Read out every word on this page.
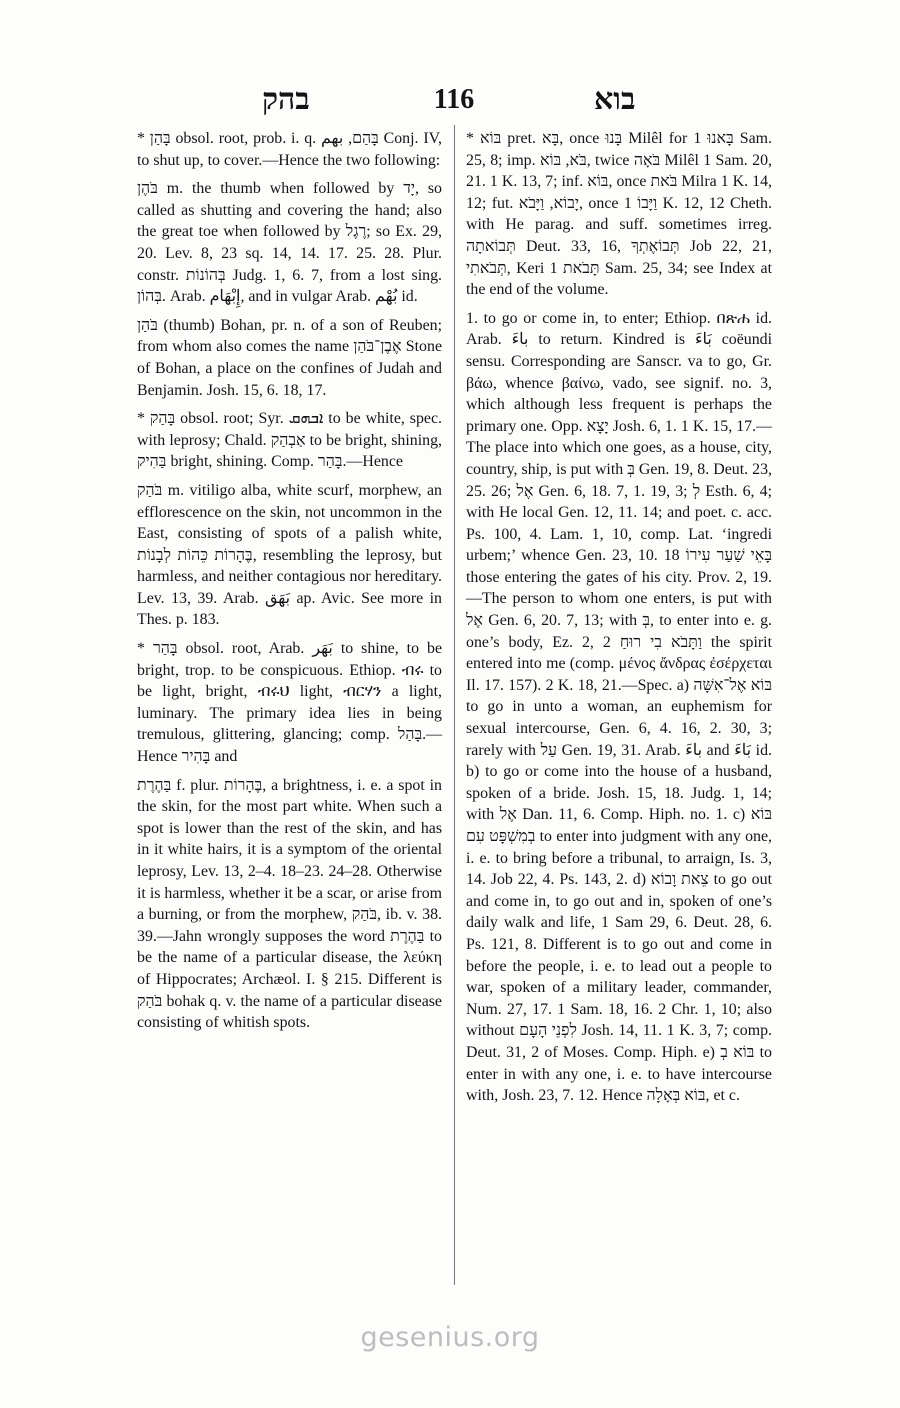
בהק	116	בוא

* בָּהַן obsol. root, prob. i. q. בָּהַם, بهم Conj. IV, to shut up, to cover.—Hence the two following:

בֹּהֶן m. the thumb when followed by יָד, so called as shutting and covering the hand; also the great toe when followed by רֶגֶל; so Ex. 29, 20. Lev. 8, 23 sq. 14, 14. 17. 25. 28. Plur. constr. בְּהוֹנוֹת Judg. 1, 6. 7, from a lost sing. בְּהוֹן. Arab. إِبْهَام, and in vulgar Arab. بُهْم id.

בֹּהַן (thumb) Bohan, pr. n. of a son of Reuben; from whom also comes the name אֶבֶן־בֹּהַן Stone of Bohan, a place on the confines of Judah and Benjamin. Josh. 15, 6. 18, 17.

* בָּהַק obsol. root; Syr. ܐܒܗܩ to be white, spec. with leprosy; Chald. אַבְהַק to be bright, shining, בַּהִיק bright, shining. Comp. בָּהַר.—Hence

בֹּהַק m. vitiligo alba, white scurf, morphew, an efflorescence on the skin, not uncommon in the East, consisting of spots of a palish white, בֶּהָרוֹת כֵּהוֹת לְבָנוֹת, resembling the leprosy, but harmless, and neither contagious nor hereditary. Lev. 13, 39. Arab. بَهَق ap. Avic. See more in Thes. p. 183.

* בָּהַר obsol. root, Arab. بَهَر to shine, to be bright, trop. to be conspicuous. Ethiop. ብሩ to be light, bright, ብሩህ light, ብርሃን a light, luminary. The primary idea lies in being tremulous, glittering, glancing; comp. בָּהַל.—Hence בָּהִיר and

בַּהֶרֶת f. plur. בֶּהָרוֹת, a brightness, i. e. a spot in the skin, for the most part white. When such a spot is lower than the rest of the skin, and has in it white hairs, it is a symptom of the oriental leprosy, Lev. 13, 2–4. 18–23. 24–28. Otherwise it is harmless, whether it be a scar, or arise from a burning, or from the morphew, בֹּהַק, ib. v. 38. 39.—Jahn wrongly supposes the word בַּהֶרֶת to be the name of a particular disease, the λεύκη of Hippocrates; Archæol. I. § 215. Different is בֹּהַק bohak q. v. the name of a particular disease consisting of whitish spots.

* בּוֹא pret. בָּא, once בָּנוּ Milêl for בָּאנוּ 1 Sam. 25, 8; imp. בֹּא, בּוֹא, twice בֹּאָה Milêl 1 Sam. 20, 21. 1 K. 13, 7; inf. בּוֹא, once בֹּאת Milra 1 K. 14, 12; fut. יָבוֹא, וַיָּבֹא, once וַיָּבוֹ 1 K. 12, 12 Cheth. with He parag. and suff. sometimes irreg. תְּבוֹאתָה Deut. 33, 16, תְּבוֹאֶתְךָ Job 22, 21, תְּבֹאתִי, Keri תָּבֹאת 1 Sam. 25, 34; see Index at the end of the volume.

1. to go or come in, to enter; Ethiop. በጽሐ id. Arab. باءَ to return. Kindred is بَاءَ coëundi sensu. Corresponding are Sanscr. va to go, Gr. βάω, whence βαίνω, vado, see signif. no. 3, which although less frequent is perhaps the primary one. Opp. יָצָא Josh. 6, 1. 1 K. 15, 17.—The place into which one goes, as a house, city, country, ship, is put with בְּ Gen. 19, 8. Deut. 23, 25. 26; אֶל Gen. 6, 18. 7, 1. 19, 3; לְ Esth. 6, 4; with He local Gen. 12, 11. 14; and poet. c. acc. Ps. 100, 4. Lam. 1, 10, comp. Lat. ‘ingredi urbem;’ whence Gen. 23, 10. 18 בָּאֵי שַׁעַר עִירוֹ those entering the gates of his city. Prov. 2, 19.—The person to whom one enters, is put with אֶל Gen. 6, 20. 7, 13; with בְּ, to enter into e. g. one’s body, Ez. 2, 2 וַתָּבֹא בִי רוּחַ the spirit entered into me (comp. μένος ἄνδρας ἐσέρχεται Il. 17. 157). 2 K. 18, 21.—Spec. a) בּוֹא אֶל־אִשָּׁה to go in unto a woman, an euphemism for sexual intercourse, Gen. 6, 4. 16, 2. 30, 3; rarely with עַל Gen. 19, 31. Arab. باءَ and بَاءَ id. b) to go or come into the house of a husband, spoken of a bride. Josh. 15, 18. Judg. 1, 14; with אֶל Dan. 11, 6. Comp. Hiph. no. 1. c) בּוֹא בְמִשְׁפָּט עִם to enter into judgment with any one, i. e. to bring before a tribunal, to arraign, Is. 3, 14. Job 22, 4. Ps. 143, 2. d) צֵאת וָבוֹא to go out and come in, to go out and in, spoken of one’s daily walk and life, 1 Sam 29, 6. Deut. 28, 6. Ps. 121, 8. Different is to go out and come in before the people, i. e. to lead out a people to war, spoken of a military leader, commander, Num. 27, 17. 1 Sam. 18, 16. 2 Chr. 1, 10; also without לִפְנֵי הָעָם Josh. 14, 11. 1 K. 3, 7; comp. Deut. 31, 2 of Moses. Comp. Hiph. e) בּוֹא בְ to enter in with any one, i. e. to have intercourse with, Josh. 23, 7. 12. Hence בּוֹא בְּאָלָה, et c.

gesenius.org
